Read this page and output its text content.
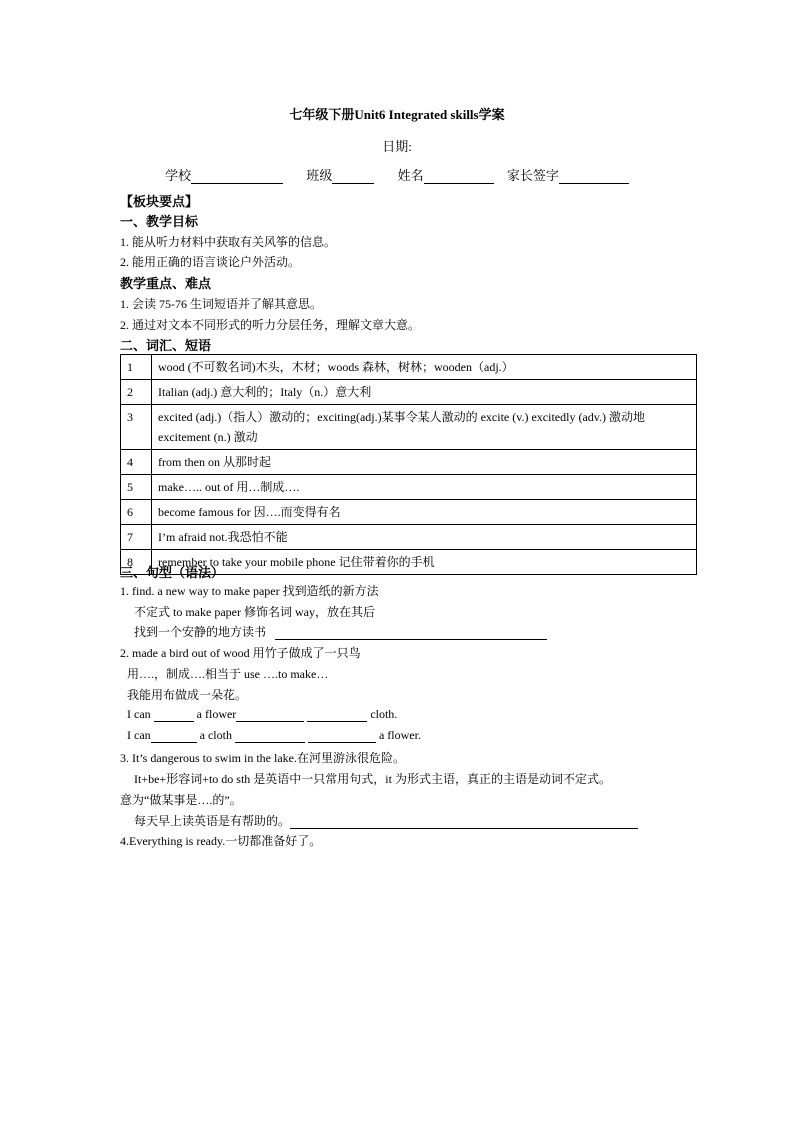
七年级下册Unit6 Integrated skills学案
日期:
学校	班级	姓名	家长签字
【板块要点】
一、教学目标
1. 能从听力材料中获取有关风筝的信息。
2. 能用正确的语言谈论户外活动。
教学重点、难点
1. 会读 75-76 生词短语并了解其意思。
2. 通过对文本不同形式的听力分层任务，理解文章大意。
二、词汇、短语
1	wood (不可数名词)木头，木材；woods 森林，树林；wooden（adj.）
2	Italian (adj.) 意大利的；Italy（n.）意大利
3	excited (adj.)（指人）激动的；exciting(adj.)某事令某人激动的 excite (v.) excitedly (adv.) 激动地 excitement (n.) 激动
4	from then on 从那时起
5	make….. out of 用…制成….
6	become famous for 因….而变得有名
7	I’m afraid not.我恐怕不能
8	remember to take your mobile phone 记住带着你的手机
三、句型（语法）
1. find. a new way to make paper 找到造纸的新方法
不定式 to make paper 修饰名词 way，放在其后
找到一个安静的地方读书
2. made a bird out of wood 用竹子做成了一只鸟
用….，制成….相当于 use ….to make…
我能用布做成一朵花。
I can	a flower	cloth.
I can	a cloth	a flower.
3. It’s dangerous to swim in the lake.在河里游泳很危险。
It+be+形容词+to do sth 是英语中一只常用句式，it 为形式主语，真正的主语是动词不定式。
意为“做某事是….的”。
每天早上读英语是有帮助的。
4.Everything is ready.一切都准备好了。
